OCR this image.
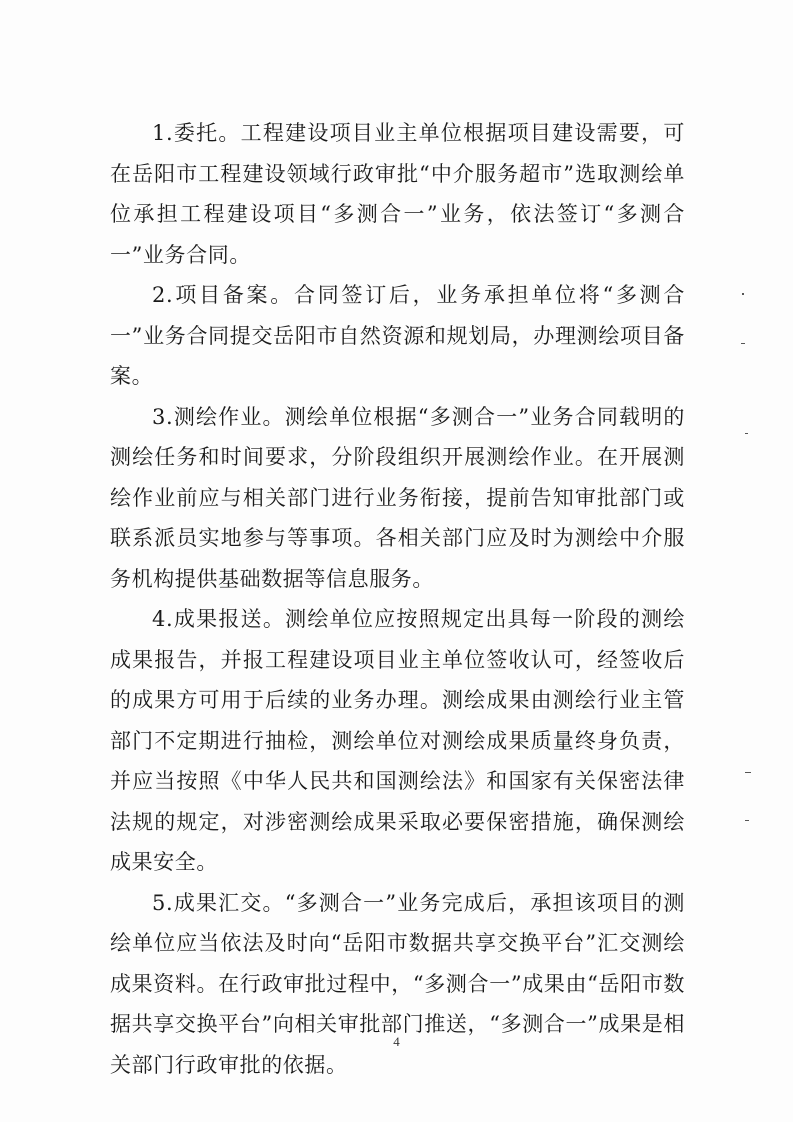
1.委托。工程建设项目业主单位根据项目建设需要，可在岳阳市工程建设领域行政审批“中介服务超市”选取测绘单位承担工程建设项目“多测合一”业务，依法签订“多测合一”业务合同。

2.项目备案。合同签订后，业务承担单位将“多测合一”业务合同提交岳阳市自然资源和规划局，办理测绘项目备案。

3.测绘作业。测绘单位根据“多测合一”业务合同载明的测绘任务和时间要求，分阶段组织开展测绘作业。在开展测绘作业前应与相关部门进行业务衔接，提前告知审批部门或联系派员实地参与等事项。各相关部门应及时为测绘中介服务机构提供基础数据等信息服务。

4.成果报送。测绘单位应按照规定出具每一阶段的测绘成果报告，并报工程建设项目业主单位签收认可，经签收后的成果方可用于后续的业务办理。测绘成果由测绘行业主管部门不定期进行抽检，测绘单位对测绘成果质量终身负责，并应当按照《中华人民共和国测绘法》和国家有关保密法律法规的规定，对涉密测绘成果采取必要保密措施，确保测绘成果安全。

5.成果汇交。“多测合一”业务完成后，承担该项目的测绘单位应当依法及时向“岳阳市数据共享交换平台”汇交测绘成果资料。在行政审批过程中，“多测合一”成果由“岳阳市数据共享交换平台”向相关审批部门推送，“多测合一”成果是相关部门行政审批的依据。

4
